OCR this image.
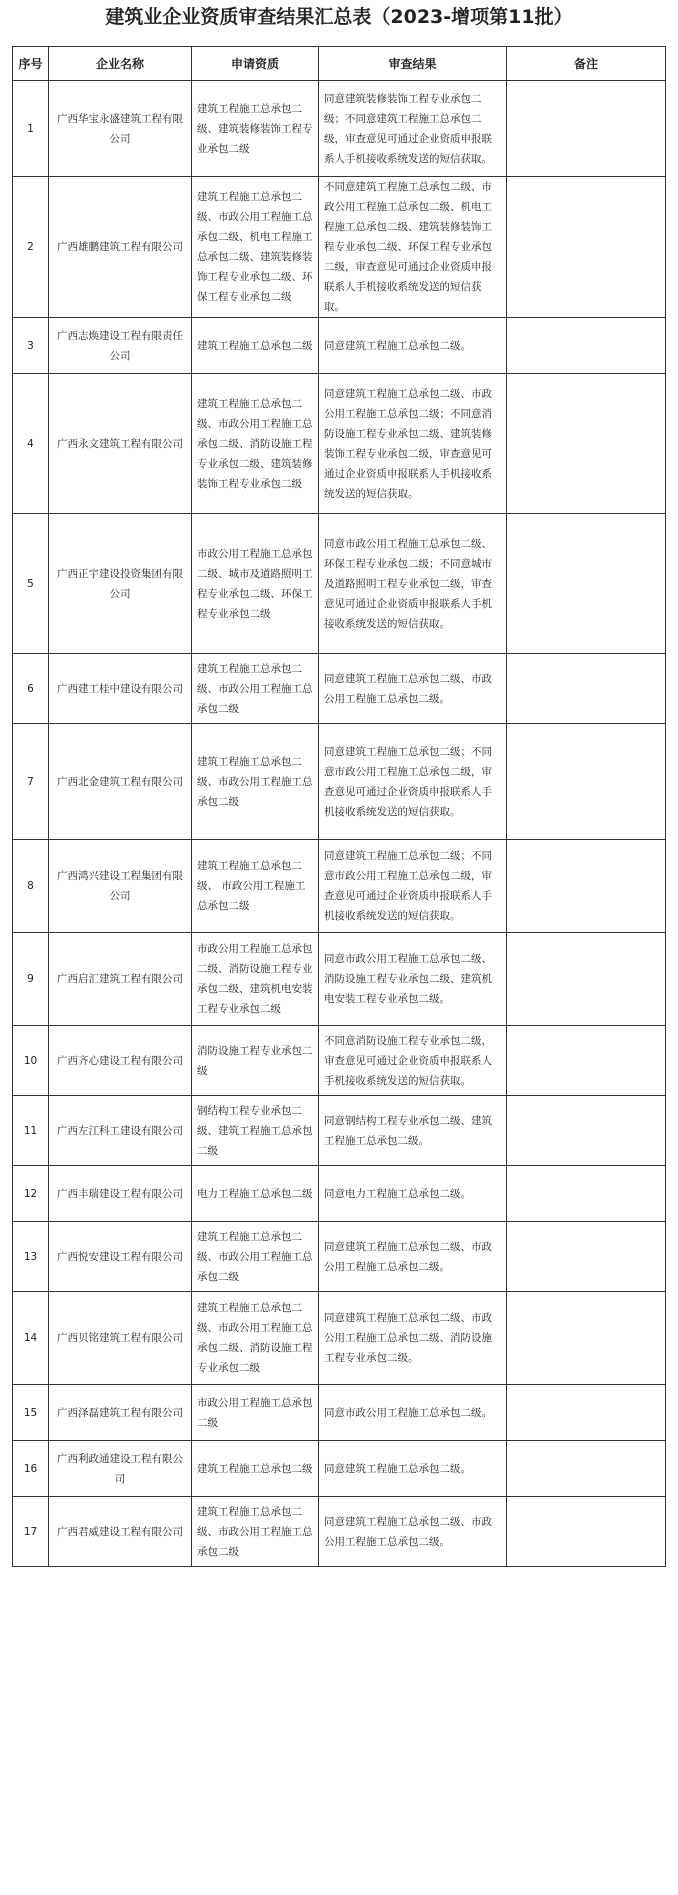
建筑业企业资质审查结果汇总表（2023-增项第11批）
序号	企业名称	申请资质	审查结果	备注
1	广西华宝永盛建筑工程有限公司	建筑工程施工总承包二级、建筑装修装饰工程专业承包二级	同意建筑装修装饰工程专业承包二级；不同意建筑工程施工总承包二级，审查意见可通过企业资质申报联系人手机接收系统发送的短信获取。	
2	广西雄鹏建筑工程有限公司	建筑工程施工总承包二级、市政公用工程施工总承包二级、机电工程施工总承包二级、建筑装修装饰工程专业承包二级、环保工程专业承包二级	不同意建筑工程施工总承包二级、市政公用工程施工总承包二级、机电工程施工总承包二级、建筑装修装饰工程专业承包二级、环保工程专业承包二级，审查意见可通过企业资质申报联系人手机接收系统发送的短信获取。	
3	广西志焕建设工程有限责任公司	建筑工程施工总承包二级	同意建筑工程施工总承包二级。	
4	广西永文建筑工程有限公司	建筑工程施工总承包二级、市政公用工程施工总承包二级、消防设施工程专业承包二级、建筑装修装饰工程专业承包二级	同意建筑工程施工总承包二级、市政公用工程施工总承包二级；不同意消防设施工程专业承包二级、建筑装修装饰工程专业承包二级，审查意见可通过企业资质申报联系人手机接收系统发送的短信获取。	
5	广西正宇建设投资集团有限公司	市政公用工程施工总承包二级、城市及道路照明工程专业承包二级、环保工程专业承包二级	同意市政公用工程施工总承包二级、环保工程专业承包二级；不同意城市及道路照明工程专业承包二级，审查意见可通过企业资质申报联系人手机接收系统发送的短信获取。	
6	广西建工桂中建设有限公司	建筑工程施工总承包二级、市政公用工程施工总承包二级	同意建筑工程施工总承包二级、市政公用工程施工总承包二级。	
7	广西北金建筑工程有限公司	建筑工程施工总承包二级、市政公用工程施工总承包二级	同意建筑工程施工总承包二级；不同意市政公用工程施工总承包二级，审查意见可通过企业资质申报联系人手机接收系统发送的短信获取。	
8	广西鸿兴建设工程集团有限公司	建筑工程施工总承包二级、 市政公用工程施工总承包二级	同意建筑工程施工总承包二级；不同意市政公用工程施工总承包二级，审查意见可通过企业资质申报联系人手机接收系统发送的短信获取。	
9	广西启汇建筑工程有限公司	市政公用工程施工总承包二级、消防设施工程专业承包二级、建筑机电安装工程专业承包二级	同意市政公用工程施工总承包二级、消防设施工程专业承包二级、建筑机电安装工程专业承包二级。	
10	广西齐心建设工程有限公司	消防设施工程专业承包二级	不同意消防设施工程专业承包二级，审查意见可通过企业资质申报联系人手机接收系统发送的短信获取。	
11	广西左江科工建设有限公司	钢结构工程专业承包二级、建筑工程施工总承包二级	同意钢结构工程专业承包二级、建筑工程施工总承包二级。	
12	广西丰瑞建设工程有限公司	电力工程施工总承包二级	同意电力工程施工总承包二级。	
13	广西悦安建设工程有限公司	建筑工程施工总承包二级、市政公用工程施工总承包二级	同意建筑工程施工总承包二级、市政公用工程施工总承包二级。	
14	广西贝铭建筑工程有限公司	建筑工程施工总承包二级、市政公用工程施工总承包二级、消防设施工程专业承包二级	同意建筑工程施工总承包二级、市政公用工程施工总承包二级、消防设施工程专业承包二级。	
15	广西泽磊建筑工程有限公司	市政公用工程施工总承包二级	同意市政公用工程施工总承包二级。	
16	广西利政通建设工程有限公司	建筑工程施工总承包二级	同意建筑工程施工总承包二级。	
17	广西君威建设工程有限公司	建筑工程施工总承包二级、市政公用工程施工总承包二级	同意建筑工程施工总承包二级、市政公用工程施工总承包二级。	
